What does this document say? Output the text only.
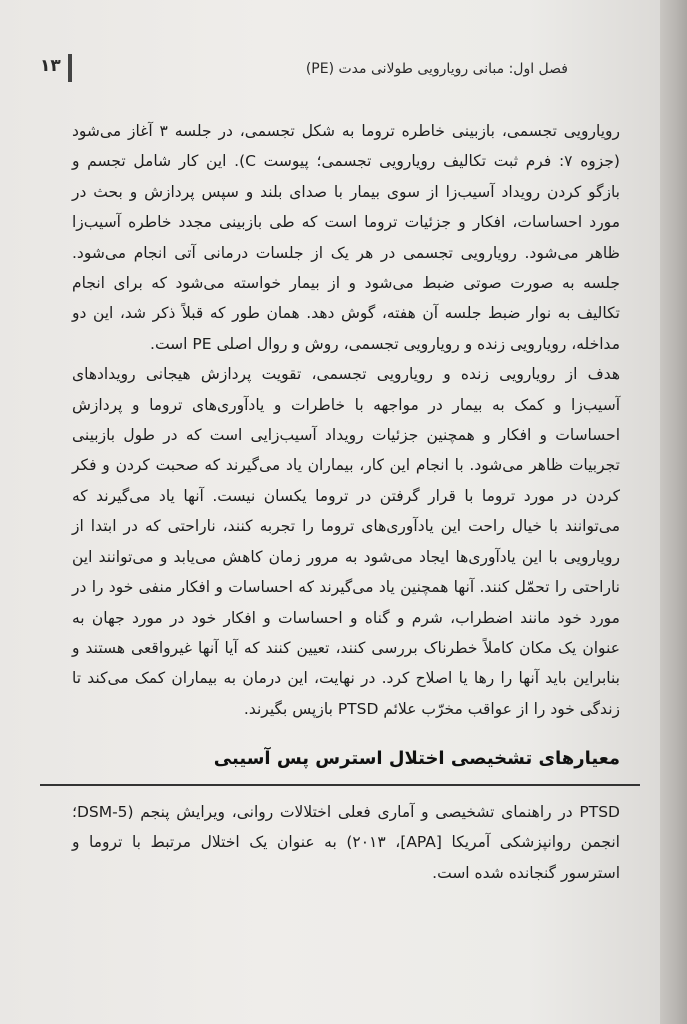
فصل اول: مبانی رویارویی طولانی مدت (PE)
۱۳

رویارویی تجسمی، بازبینی خاطره تروما به شکل تجسمی، در جلسه ۳ آغاز می‌شود (جزوه ۷: فرم ثبت تکالیف رویارویی تجسمی؛ پیوست C). این کار شامل تجسم و بازگو کردن رویداد آسیب‌زا از سوی بیمار با صدای بلند و سپس پردازش و بحث در مورد احساسات، افکار و جزئیات تروما است که طی بازبینی مجدد خاطره آسیب‌زا ظاهر می‌شود. رویارویی تجسمی در هر یک از جلسات درمانی آتی انجام می‌شود. جلسه به صورت صوتی ضبط می‌شود و از بیمار خواسته می‌شود که برای انجام تکالیف به نوار ضبط جلسه آن هفته، گوش دهد. همان طور که قبلاً ذکر شد، این دو مداخله، رویارویی زنده و رویارویی تجسمی، روش و روال اصلی PE است.

هدف از رویارویی زنده و رویارویی تجسمی، تقویت پردازش هیجانی رویدادهای آسیب‌زا و کمک به بیمار در مواجهه با خاطرات و یادآوری‌های تروما و پردازش احساسات و افکار و همچنین جزئیات رویداد آسیب‌زایی است که در طول بازبینی تجربیات ظاهر می‌شود. با انجام این کار، بیماران یاد می‌گیرند که صحبت کردن و فکر کردن در مورد تروما با قرار گرفتن در تروما یکسان نیست. آنها یاد می‌گیرند که می‌توانند با خیال راحت این یادآوری‌های تروما را تجربه کنند، ناراحتی که در ابتدا از رویارویی با این یادآوری‌ها ایجاد می‌شود به مرور زمان کاهش می‌یابد و می‌توانند این ناراحتی را تحمّل کنند. آنها همچنین یاد می‌گیرند که احساسات و افکار منفی خود را در مورد خود مانند اضطراب، شرم و گناه و احساسات و افکار خود در مورد جهان به عنوان یک مکان کاملاً خطرناک بررسی کنند، تعیین کنند که آیا آنها غیرواقعی هستند و بنابراین باید آنها را رها یا اصلاح کرد. در نهایت، این درمان به بیماران کمک می‌کند تا زندگی خود را از عواقب مخرّب علائم PTSD بازپس بگیرند.

معیارهای تشخیصی اختلال استرس پس آسیبی

PTSD در راهنمای تشخیصی و آماری فعلی اختلالات روانی، ویرایش پنجم (DSM-5؛ انجمن روانپزشکی آمریکا [APA]، ۲۰۱۳) به عنوان یک اختلال مرتبط با تروما و استرسور گنجانده شده است.
